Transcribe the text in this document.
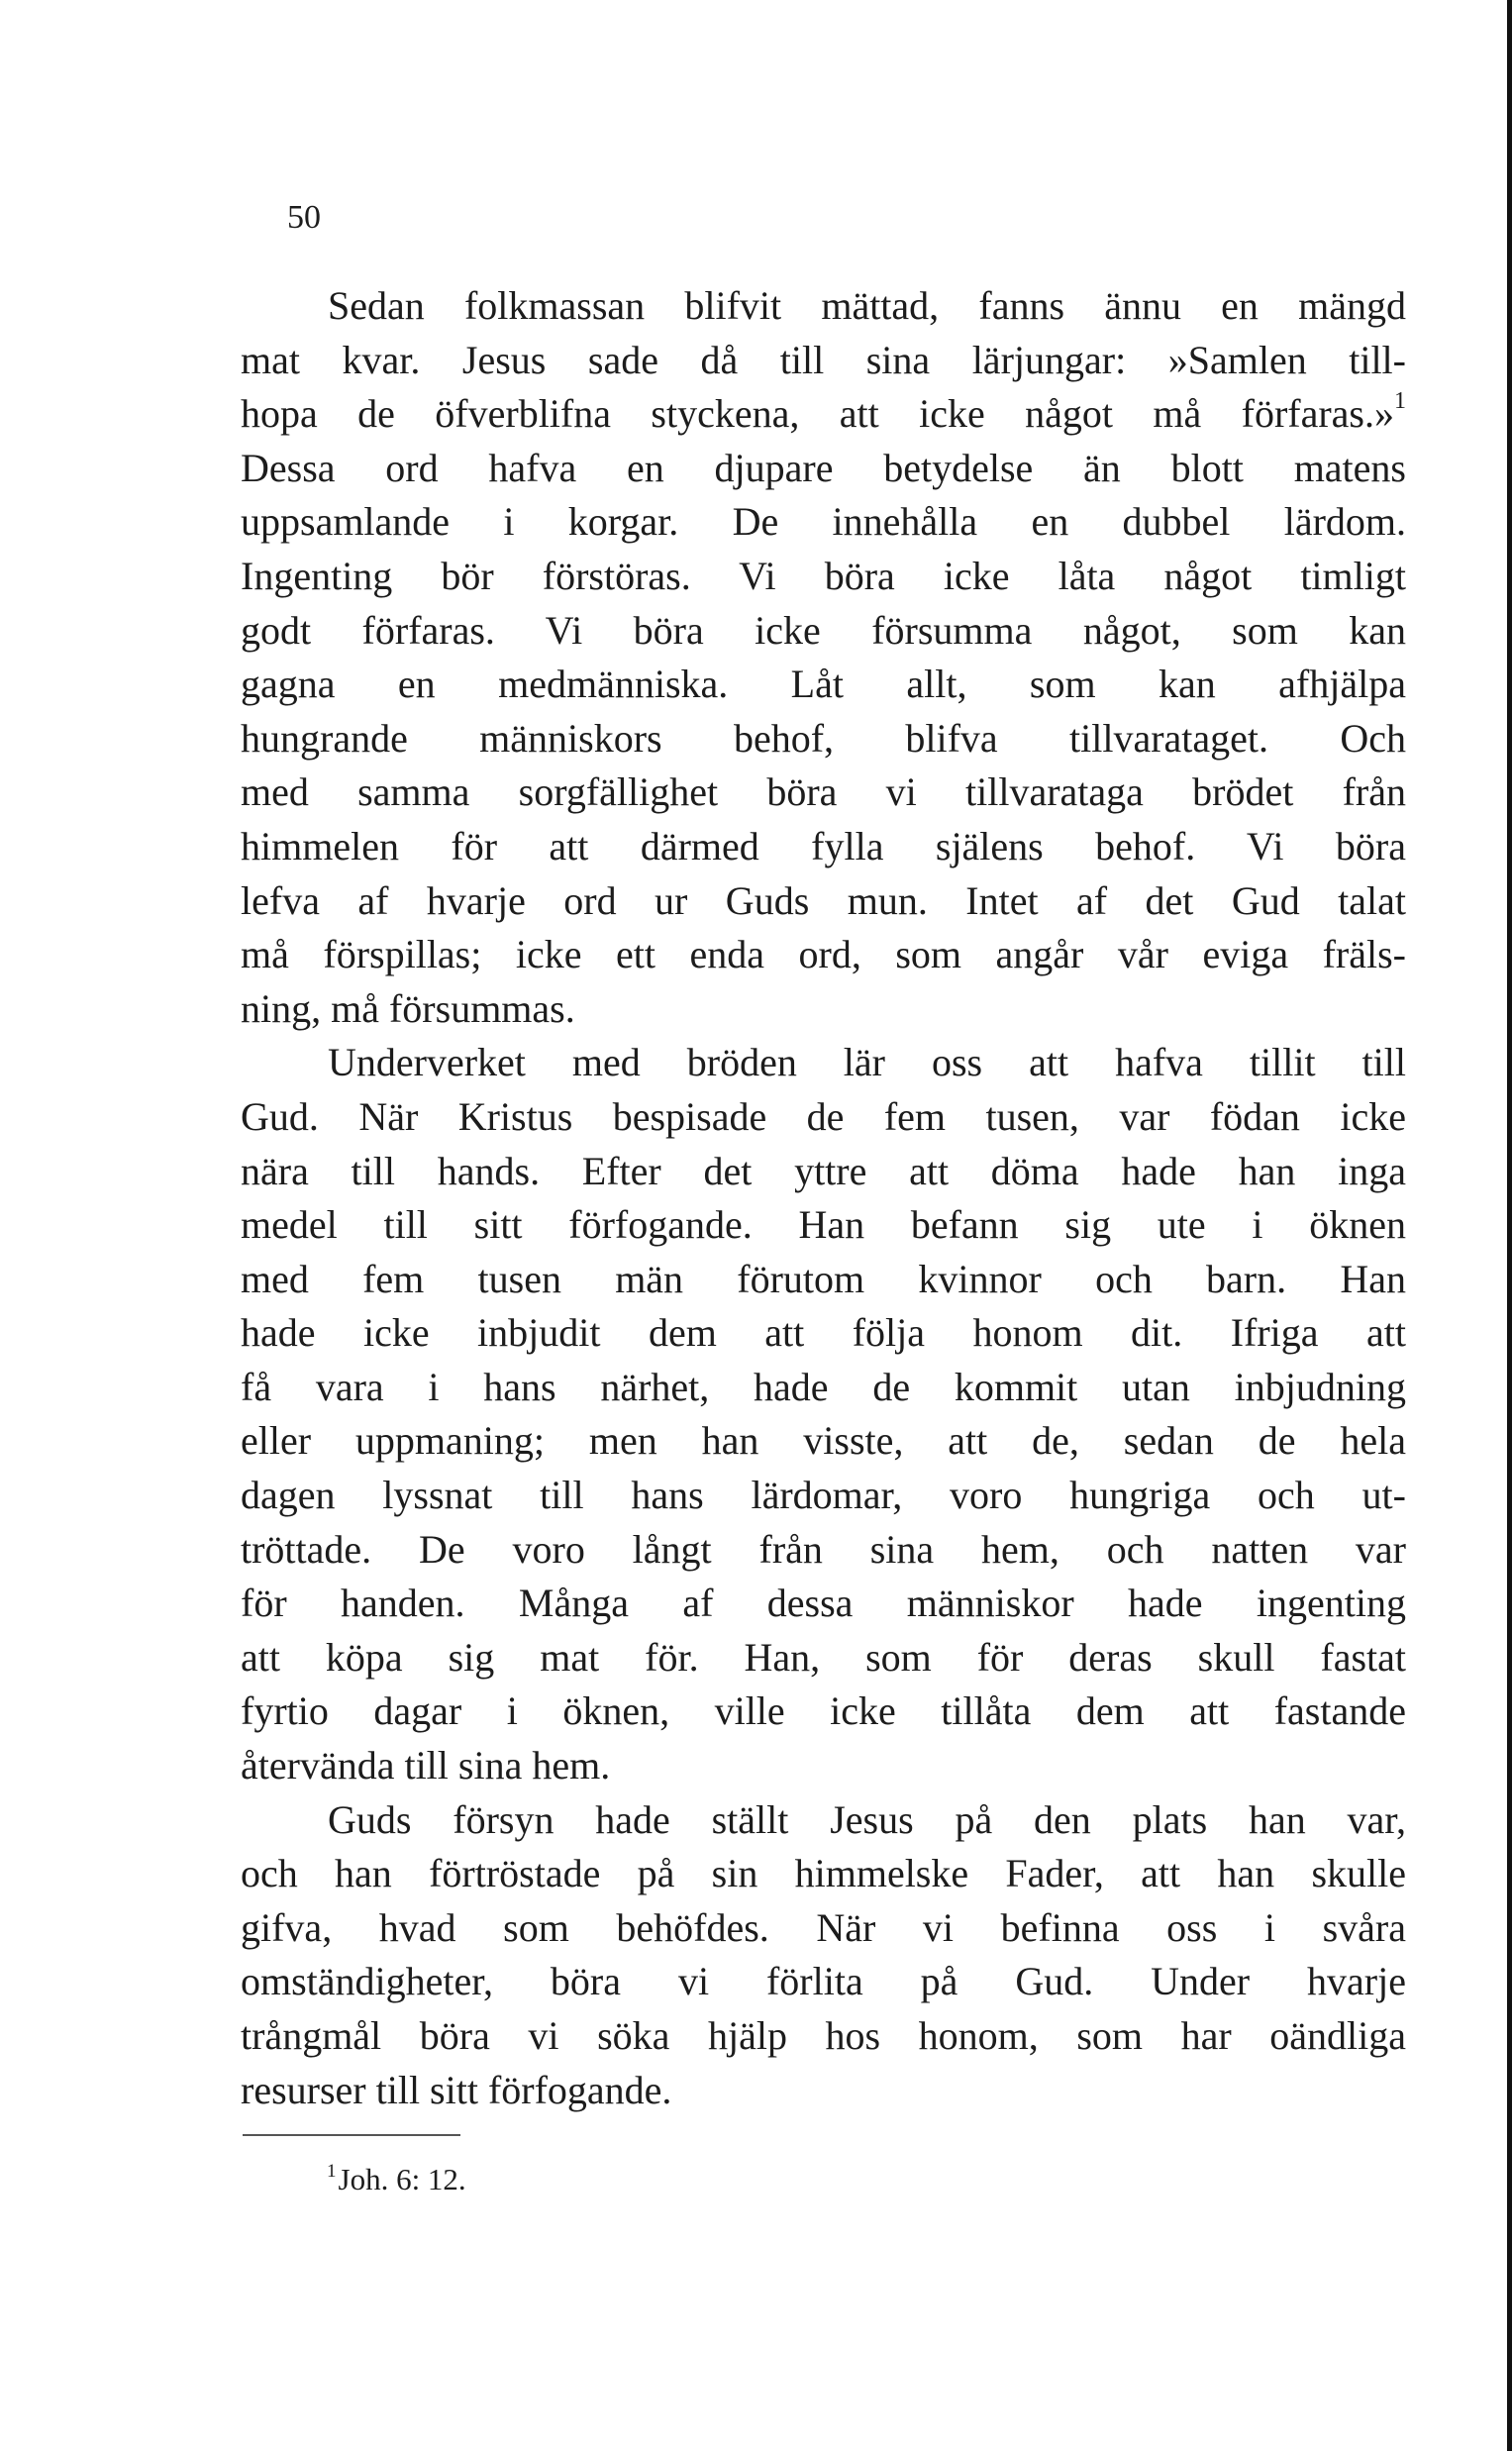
50
Sedan folkmassan blifvit mättad, fanns ännu en mängd
mat kvar. Jesus sade då till sina lärjungar: »Samlen till-
hopa de öfverblifna styckena, att icke något må förfaras.»$^1$
Dessa ord hafva en djupare betydelse än blott matens
uppsamlande i korgar. De innehålla en dubbel lärdom.
Ingenting bör förstöras. Vi böra icke låta något timligt
godt förfaras. Vi böra icke försumma något, som kan
gagna en medmänniska. Låt allt, som kan afhjälpa
hungrande människors behof, blifva tillvarataget. Och
med samma sorgfällighet böra vi tillvaratagа brödet från
himmelen för att därmed fylla själens behof. Vi böra
lefva af hvarje ord ur Guds mun. Intet af det Gud talat
må förspillas; icke ett enda ord, som angår vår eviga fräls-
ning, må försummas.
Underverket med bröden lär oss att hafva tillit till
Gud. När Kristus bespisade de fem tusen, var födan icke
nära till hands. Efter det yttre att döma hade han inga
medel till sitt förfogande. Han befann sig ute i öknen
med fem tusen män förutom kvinnor och barn. Han
hade icke inbjudit dem att följa honom dit. Ifriga att
få vara i hans närhet, hade de kommit utan inbjudning
eller uppmaning; men han visste, att de, sedan de hela
dagen lyssnat till hans lärdomar, voro hungriga och ut-
tröttade. De voro långt från sina hem, och natten var
för handen. Många af dessa människor hade ingenting
att köpa sig mat för. Han, som för deras skull fastat
fyrtio dagar i öknen, ville icke tillåta dem att fastande
återvända till sina hem.
Guds försyn hade ställt Jesus på den plats han var,
och han förtröstade på sin himmelske Fader, att han skulle
gifva, hvad som behöfdes. När vi befinna oss i svåra
omständigheter, böra vi förlita på Gud. Under hvarje
trångmål böra vi söka hjälp hos honom, som har oändliga
resurser till sitt förfogande.
$^1$Joh. 6: 12.
